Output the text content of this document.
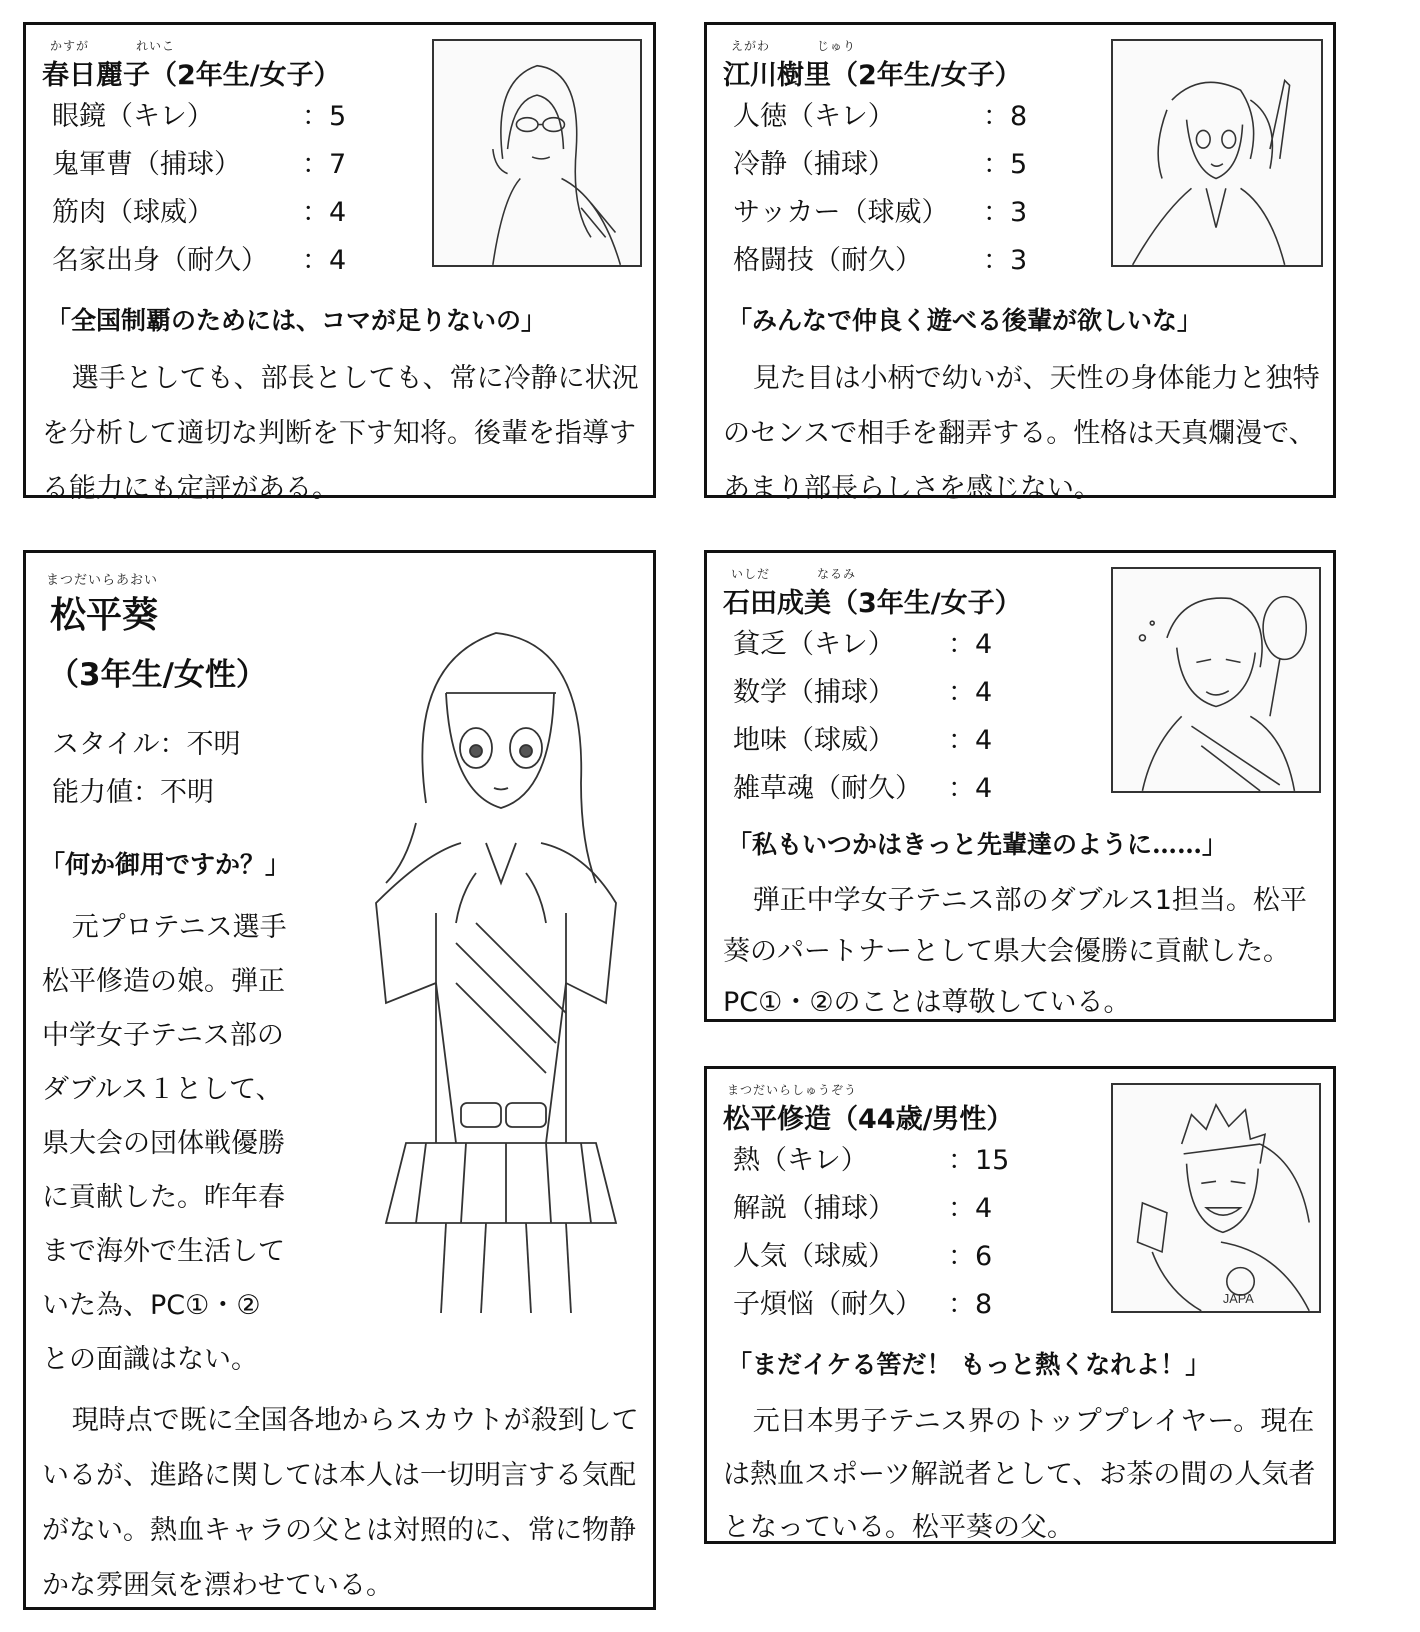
かすが	れいこ
春日麗子（2年生/女子）
眼鏡（キレ）	：5
鬼軍曹（捕球）	：7
筋肉（球威）	：4
名家出身（耐久）	：4
「全国制覇のためには、コマが足りないの」

選手としても、部長としても、常に冷静に状況を分析して適切な判断を下す知将。後輩を指導する能力にも定評がある。

えがわ	じゅり
江川樹里（2年生/女子）
人徳（キレ）	：8
冷静（捕球）	：5
サッカー（球威）	：3
格闘技（耐久）	：3
「みんなで仲良く遊べる後輩が欲しいな」

見た目は小柄で幼いが、天性の身体能力と独特のセンスで相手を翻弄する。性格は天真爛漫で、あまり部長らしさを感じない。

まつだいらあおい
松平葵
（3年生/女性）
スタイル：不明
能力値：不明
「何か御用ですか？」
元プロテニス選手
松平修造の娘。弾正
中学女子テニス部の
ダブルス１として、
県大会の団体戦優勝
に貢献した。昨年春
まで海外で生活して
いた為、PC①・②
との面識はない。

現時点で既に全国各地からスカウトが殺到しているが、進路に関しては本人は一切明言する気配がない。熱血キャラの父とは対照的に、常に物静かな雰囲気を漂わせている。

いしだ	なるみ
石田成美（3年生/女子）
貧乏（キレ）	：4
数学（捕球）	：4
地味（球威）	：4
雑草魂（耐久） ：4
「私もいつかはきっと先輩達のように……」

弾正中学女子テニス部のダブルス1担当。松平葵のパートナーとして県大会優勝に貢献した。PC①・②のことは尊敬している。

まつだいらしゅうぞう
松平修造（44歳/男性）
熱（キレ）	：15
解説（捕球）	：4
人気（球威）	：6
子煩悩（耐久） ：8	JAPA
「まだイケる筈だ！ もっと熱くなれよ！」

元日本男子テニス界のトッププレイヤー。現在は熱血スポーツ解説者として、お茶の間の人気者となっている。松平葵の父。
